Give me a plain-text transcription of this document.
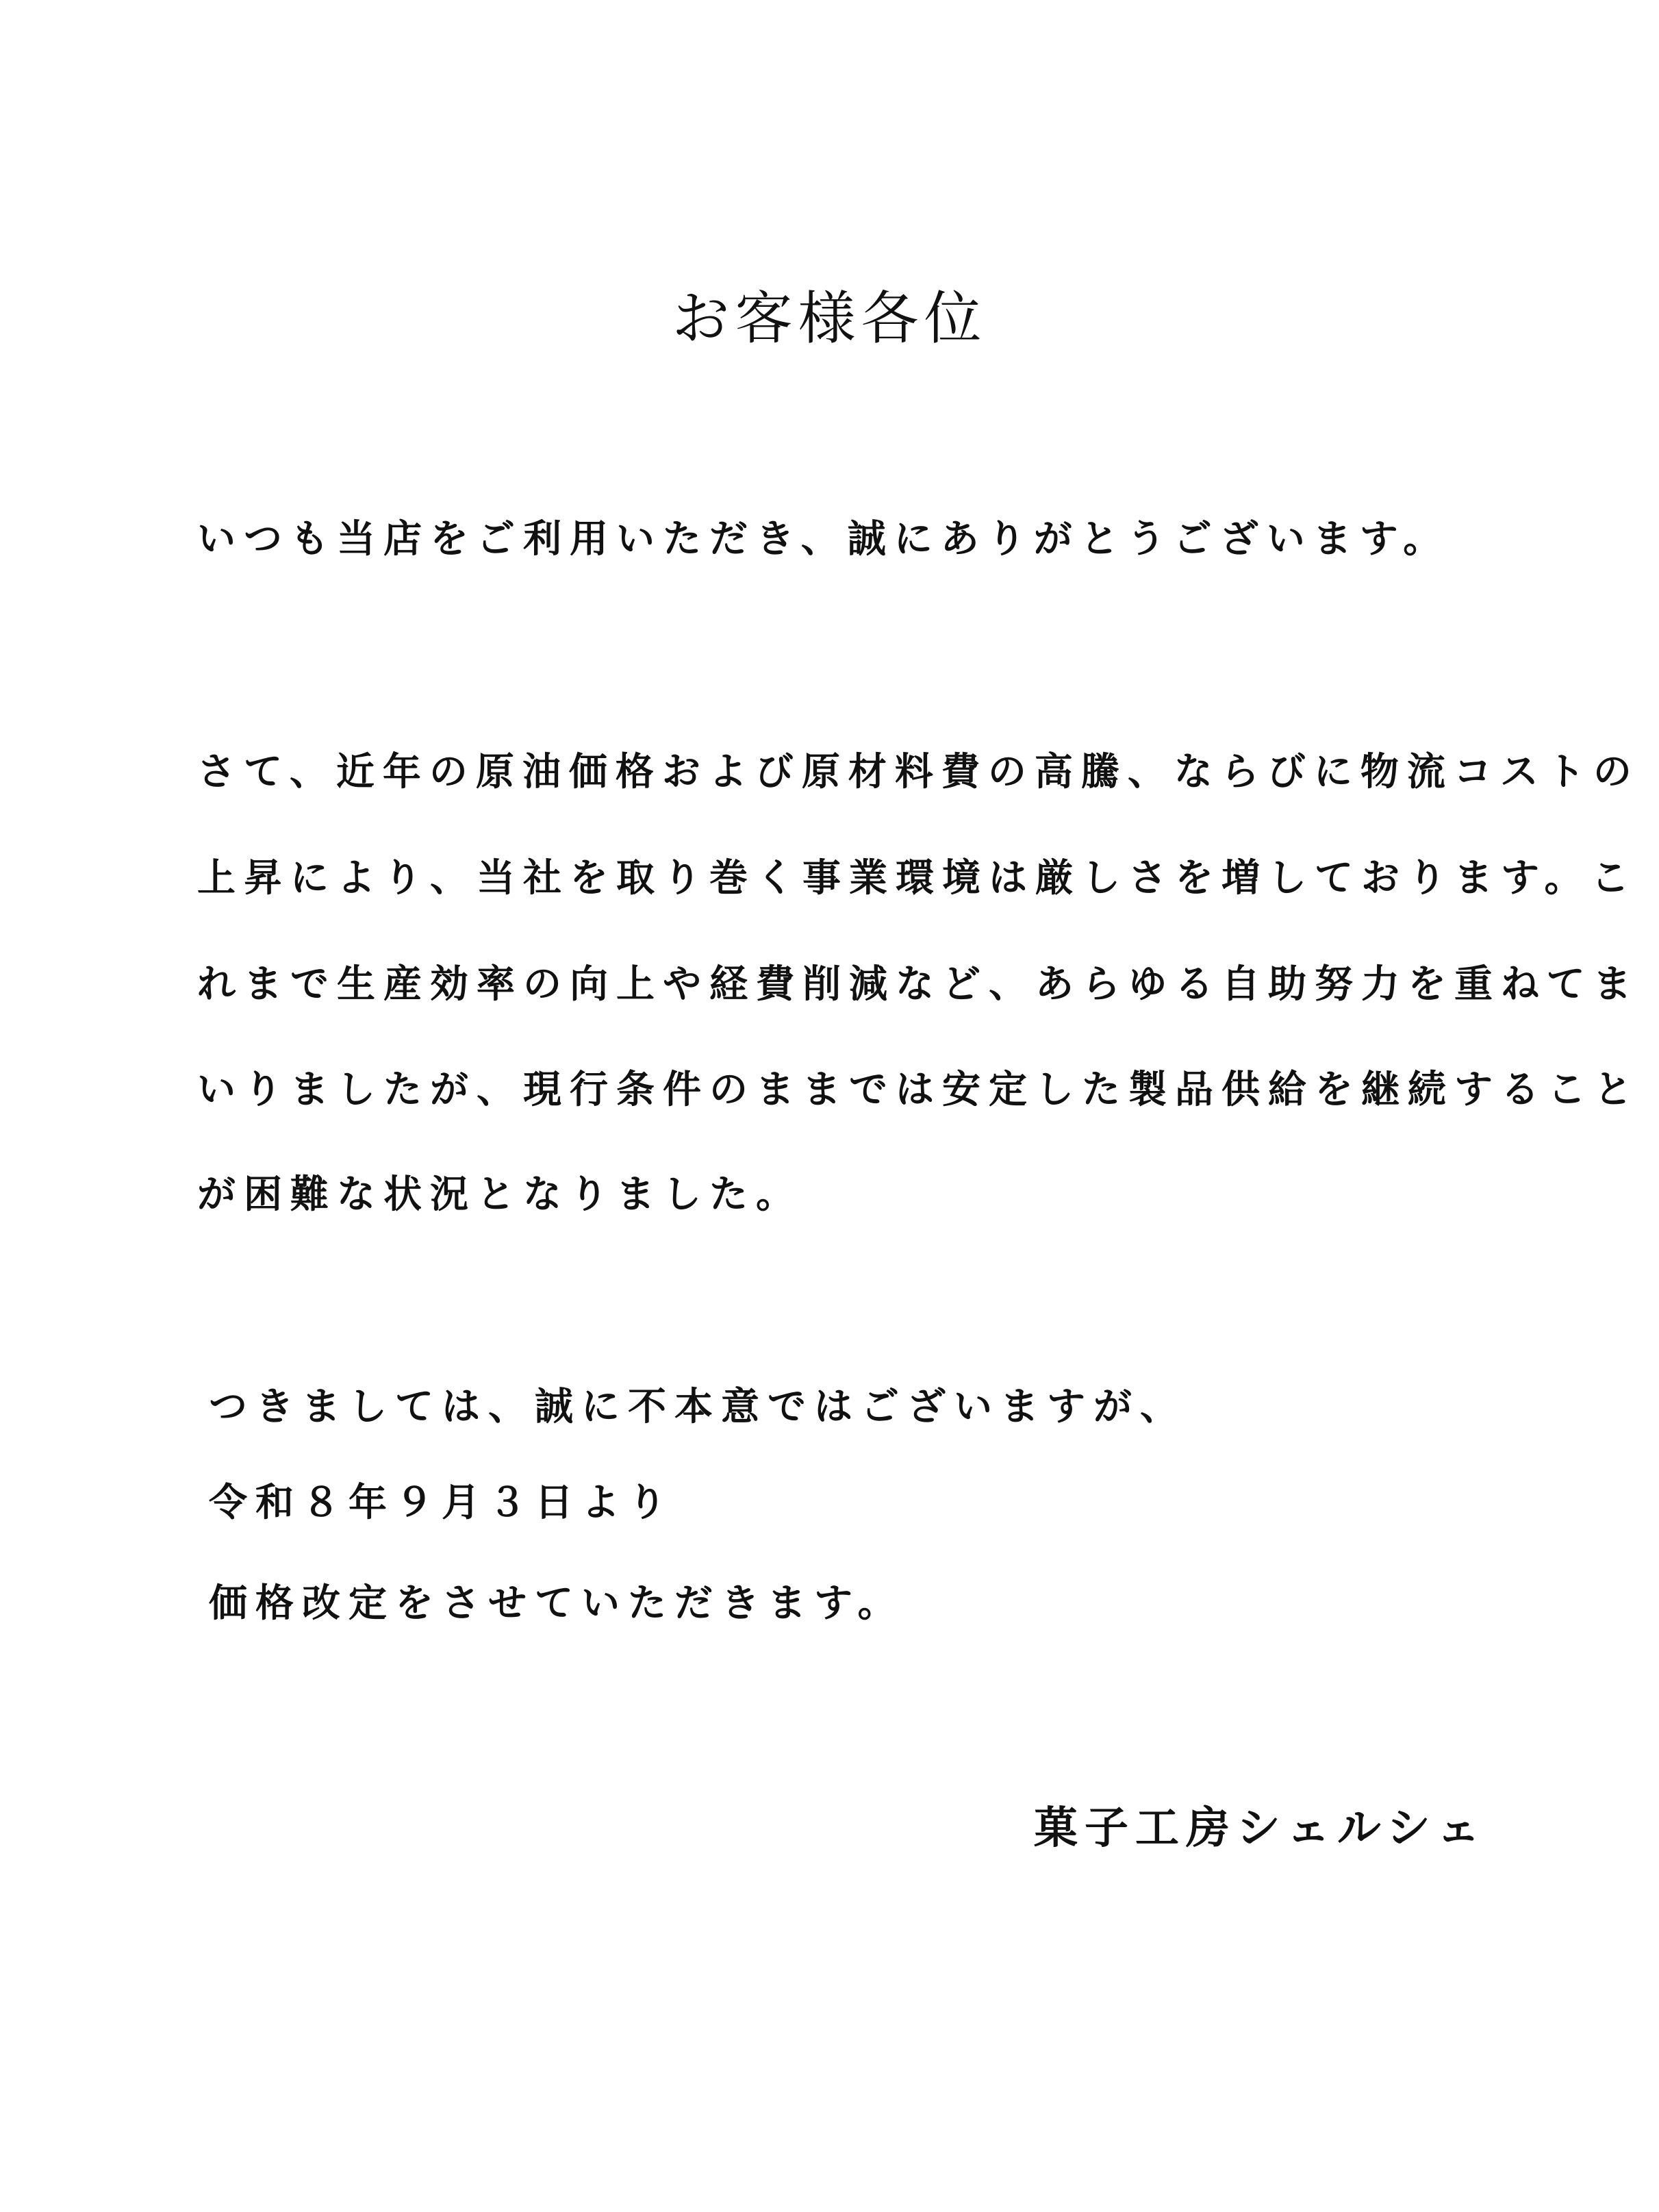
お客様各位
いつも当店をご利用いただき、誠にありがとうございます。
さて、近年の原油価格および原材料費の高騰、ならびに物流コストの
上昇により、当社を取り巻く事業環境は厳しさを増しております。こ
れまで生産効率の向上や経費削減など、あらゆる自助努力を重ねてま
いりましたが、現行条件のままでは安定した製品供給を継続すること
が困難な状況となりました。
つきましては、誠に不本意ではございますが、
令和８年９月３日より
価格改定をさせていただきます。
菓子工房シェルシェ
